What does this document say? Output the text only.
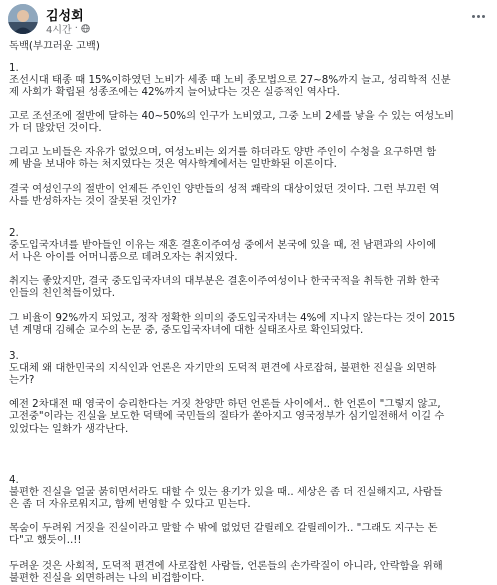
김성회
4시간 ·
독백(부끄러운 고백)
1.
조선시대 태종 때 15%이하였던 노비가 세종 때 노비 종모법으로 27~8%까지 늘고, 성리학적 신분
제 사회가 확립된 성종조에는 42%까지 늘어났다는 것은 실증적인 역사다.
고로 조선조에 절반에 달하는 40~50%의 인구가 노비였고, 그중 노비 2세를 낳을 수 있는 여성노비
가 더 많았던 것이다.
그리고 노비들은 자유가 없었으며, 여성노비는 외거를 하더라도 양반 주인이 수청을 요구하면 함
께 밤을 보내야 하는 처지였다는 것은 역사학계에서는 일반화된 이론이다.
결국 여성인구의 절반이 언제든 주인인 양반들의 성적 쾌락의 대상이었던 것이다. 그런 부끄런 역
사를 반성하자는 것이 잘못된 것인가?
2.
중도입국자녀를 받아들인 이유는 재혼 결혼이주여성 중에서 본국에 있을 때, 전 남편과의 사이에
서 나은 아이를 어머니품으로 데려오자는 취지였다.
취지는 좋았지만, 결국 중도입국자녀의 대부분은 결혼이주여성이나 한국국적을 취득한 귀화 한국
인들의 친인척들이었다.
그 비율이 92%까지 되었고, 정작 정확한 의미의 중도입국자녀는 4%에 지나지 않는다는 것이 2015
년 계명대 김혜순 교수의 논문 중, 중도입국자녀에 대한 실태조사로 확인되었다.
3.
도대체 왜 대한민국의 지식인과 언론은 자기만의 도덕적 편견에 사로잡혀, 불편한 진실을 외면하
는가?
예전 2차대전 때 영국이 승리한다는 거짓 찬양만 하던 언론들 사이에서.. 한 언론이 "그렇지 않고,
고전중"이라는 진실을 보도한 덕택에 국민들의 질타가 쏟아지고 영국정부가 심기일전해서 이길 수
있었다는 일화가 생각난다.
4.
불편한 진실을 얼굴 붉히면서라도 대할 수 있는 용기가 있을 때.. 세상은 좀 더 진실해지고, 사람들
은 좀 더 자유로워지고, 함께 번영할 수 있다고 믿는다.
목숨이 두려워 거짓을 진실이라고 말할 수 밖에 없었던 갈릴레오 갈릴레이가.. "그래도 지구는 돈
다"고 했듯이..!!
두려운 것은 사회적, 도덕적 편견에 사로잡힌 사람들, 언론들의 손가락질이 아니라, 안락함을 위해
불편한 진실을 외면하려는 나의 비겁함이다.
